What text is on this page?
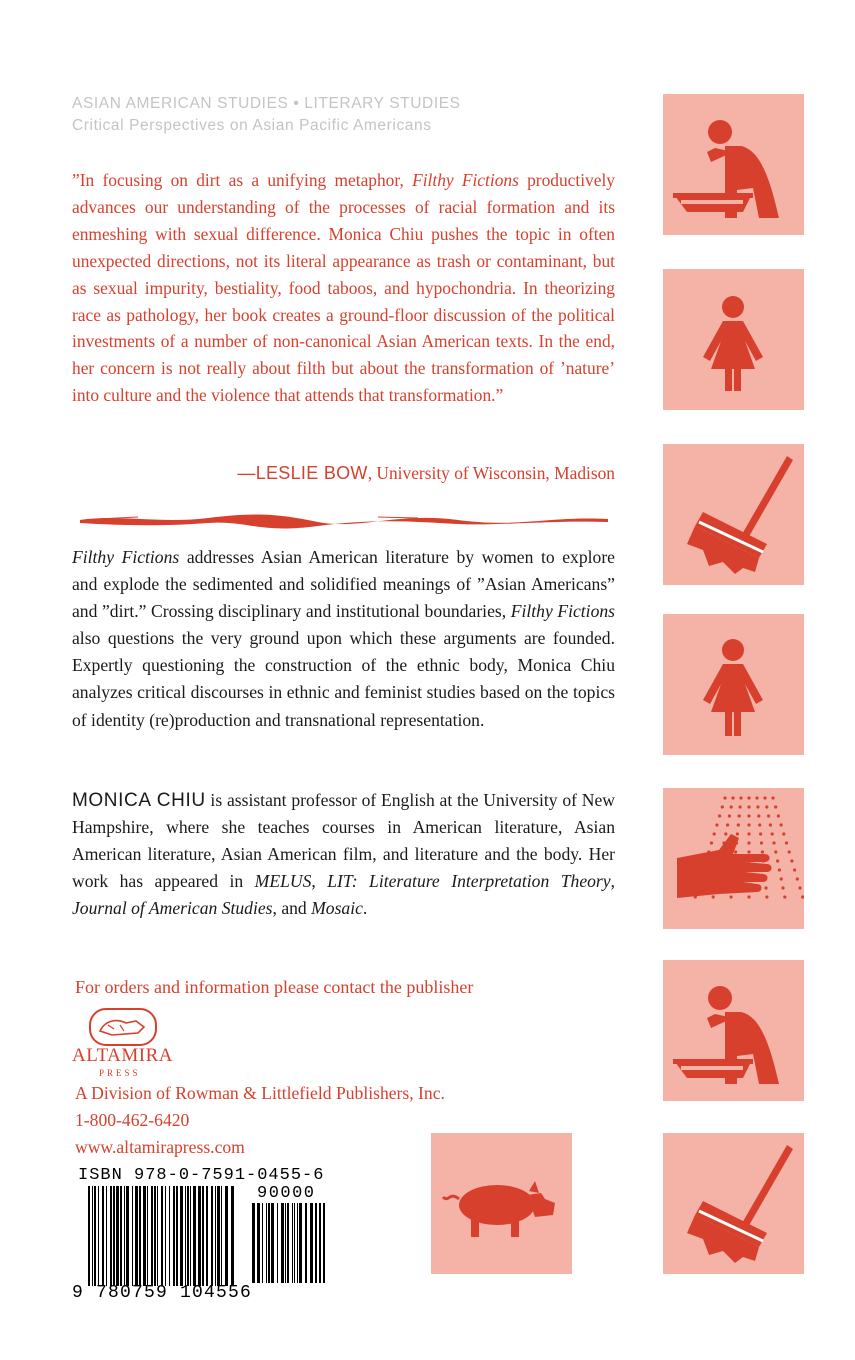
ASIAN AMERICAN STUDIES • LITERARY STUDIES
Critical Perspectives on Asian Pacific Americans
”In focusing on dirt as a unifying metaphor, Filthy Fictions productively advances our understanding of the processes of racial formation and its enmeshing with sexual difference. Monica Chiu pushes the topic in often unexpected directions, not its literal appearance as trash or contaminant, but as sexual impurity, bestiality, food taboos, and hypochondria. In theorizing race as pathology, her book creates a ground-floor discussion of the political investments of a number of non-canonical Asian American texts. In the end, her concern is not really about filth but about the transformation of ’nature’ into culture and the violence that attends that transformation.”
—LESLIE BOW, University of Wisconsin, Madison
Filthy Fictions addresses Asian American literature by women to explore and explode the sedimented and solidified meanings of ”Asian Americans” and ”dirt.” Crossing disciplinary and institutional boundaries, Filthy Fictions also questions the very ground upon which these arguments are founded. Expertly questioning the construction of the ethnic body, Monica Chiu analyzes critical discourses in ethnic and feminist studies based on the topics of identity (re)production and transnational representation.
MONICA CHIU is assistant professor of English at the University of New Hampshire, where she teaches courses in American literature, Asian American literature, Asian American film, and literature and the body. Her work has appeared in MELUS, LIT: Literature Interpretation Theory, Journal of American Studies, and Mosaic.
For orders and information please contact the publisher
ALTAMIRA
PRESS
A Division of Rowman & Littlefield Publishers, Inc.
1-800-462-6420
www.altamirapress.com
ISBN 978-0-7591-0455-6
90000
9 780759 104556
